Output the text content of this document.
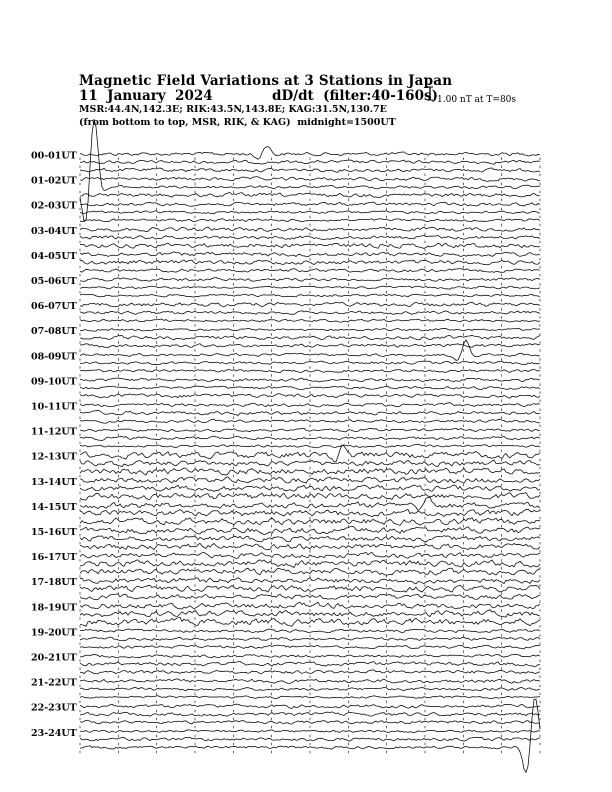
Magnetic Field Variations at 3 Stations in Japan
11  January  2024	dD/dt  (filter:40-160s)
MSR:44.4N,142.3E; RIK:43.5N,143.8E; KAG:31.5N,130.7E
(from bottom to top, MSR, RIK, & KAG)  midnight=1500UT
1.00 nT at T=80s
00-01UT
01-02UT
02-03UT
03-04UT
04-05UT
05-06UT
06-07UT
07-08UT
08-09UT
09-10UT
10-11UT
11-12UT
12-13UT
13-14UT
14-15UT
15-16UT
16-17UT
17-18UT
18-19UT
19-20UT
20-21UT
21-22UT
22-23UT
23-24UT
